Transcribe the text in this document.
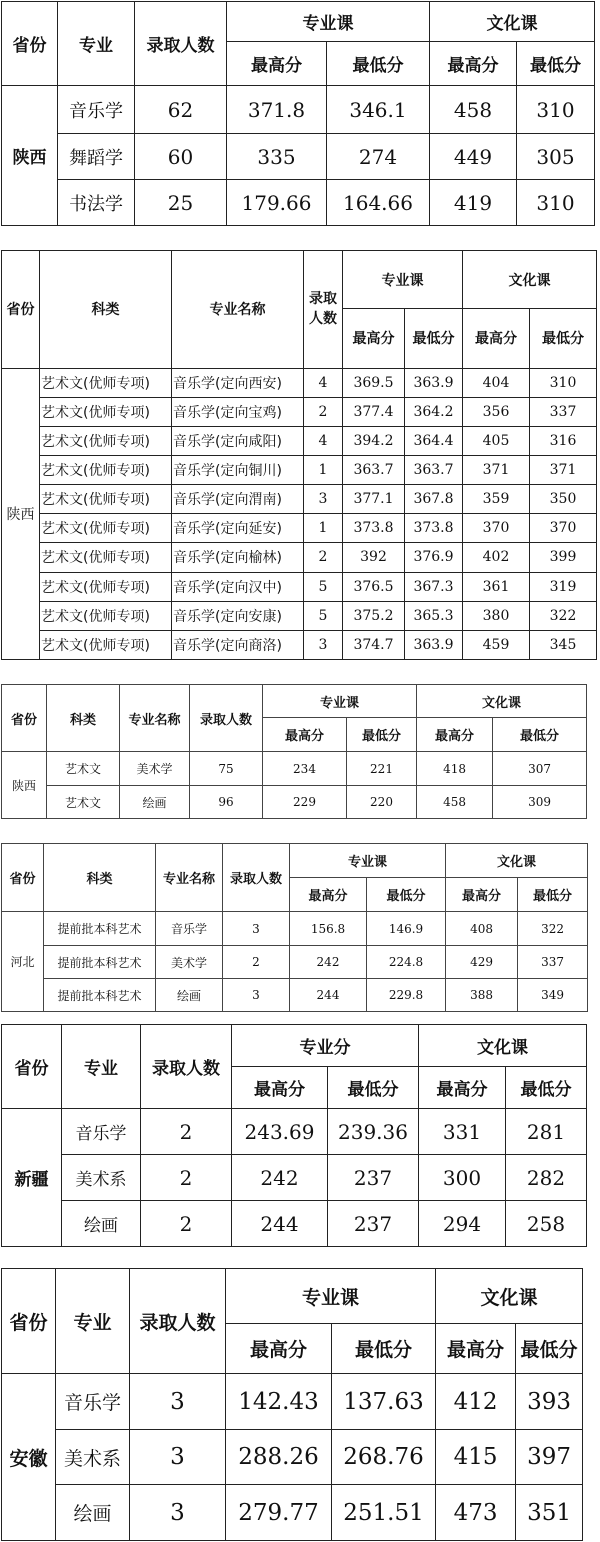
省份	专业	录取人数	专业课		文化课	
			最高分	最低分	最高分	最低分
陕西	音乐学	62	371.8	346.1	458	310
	舞蹈学	60	335	274	449	305
	书法学	25	179.66	164.66	419	310
省份	科类	专业名称	录取人数	专业课		文化课	
				最高分	最低分	最高分	最低分
陕西	艺术文(优师专项)	音乐学(定向西安)	4	369.5	363.9	404	310
	艺术文(优师专项)	音乐学(定向宝鸡)	2	377.4	364.2	356	337
	艺术文(优师专项)	音乐学(定向咸阳)	4	394.2	364.4	405	316
	艺术文(优师专项)	音乐学(定向铜川)	1	363.7	363.7	371	371
	艺术文(优师专项)	音乐学(定向渭南)	3	377.1	367.8	359	350
	艺术文(优师专项)	音乐学(定向延安)	1	373.8	373.8	370	370
	艺术文(优师专项)	音乐学(定向榆林)	2	392	376.9	402	399
	艺术文(优师专项)	音乐学(定向汉中)	5	376.5	367.3	361	319
	艺术文(优师专项)	音乐学(定向安康)	5	375.2	365.3	380	322
	艺术文(优师专项)	音乐学(定向商洛)	3	374.7	363.9	459	345
省份	科类	专业名称	录取人数	专业课		文化课	
				最高分	最低分	最高分	最低分
陕西	艺术文	美术学	75	234	221	418	307
	艺术文	绘画	96	229	220	458	309
省份	科类	专业名称	录取人数	专业课		文化课	
				最高分	最低分	最高分	最低分
河北	提前批本科艺术	音乐学	3	156.8	146.9	408	322
	提前批本科艺术	美术学	2	242	224.8	429	337
	提前批本科艺术	绘画	3	244	229.8	388	349
省份	专业	录取人数	专业分		文化课	
			最高分	最低分	最高分	最低分
新疆	音乐学	2	243.69	239.36	331	281
	美术系	2	242	237	300	282
	绘画	2	244	237	294	258
省份	专业	录取人数	专业课		文化课	
			最高分	最低分	最高分	最低分
安徽	音乐学	3	142.43	137.63	412	393
	美术系	3	288.26	268.76	415	397
	绘画	3	279.77	251.51	473	351
